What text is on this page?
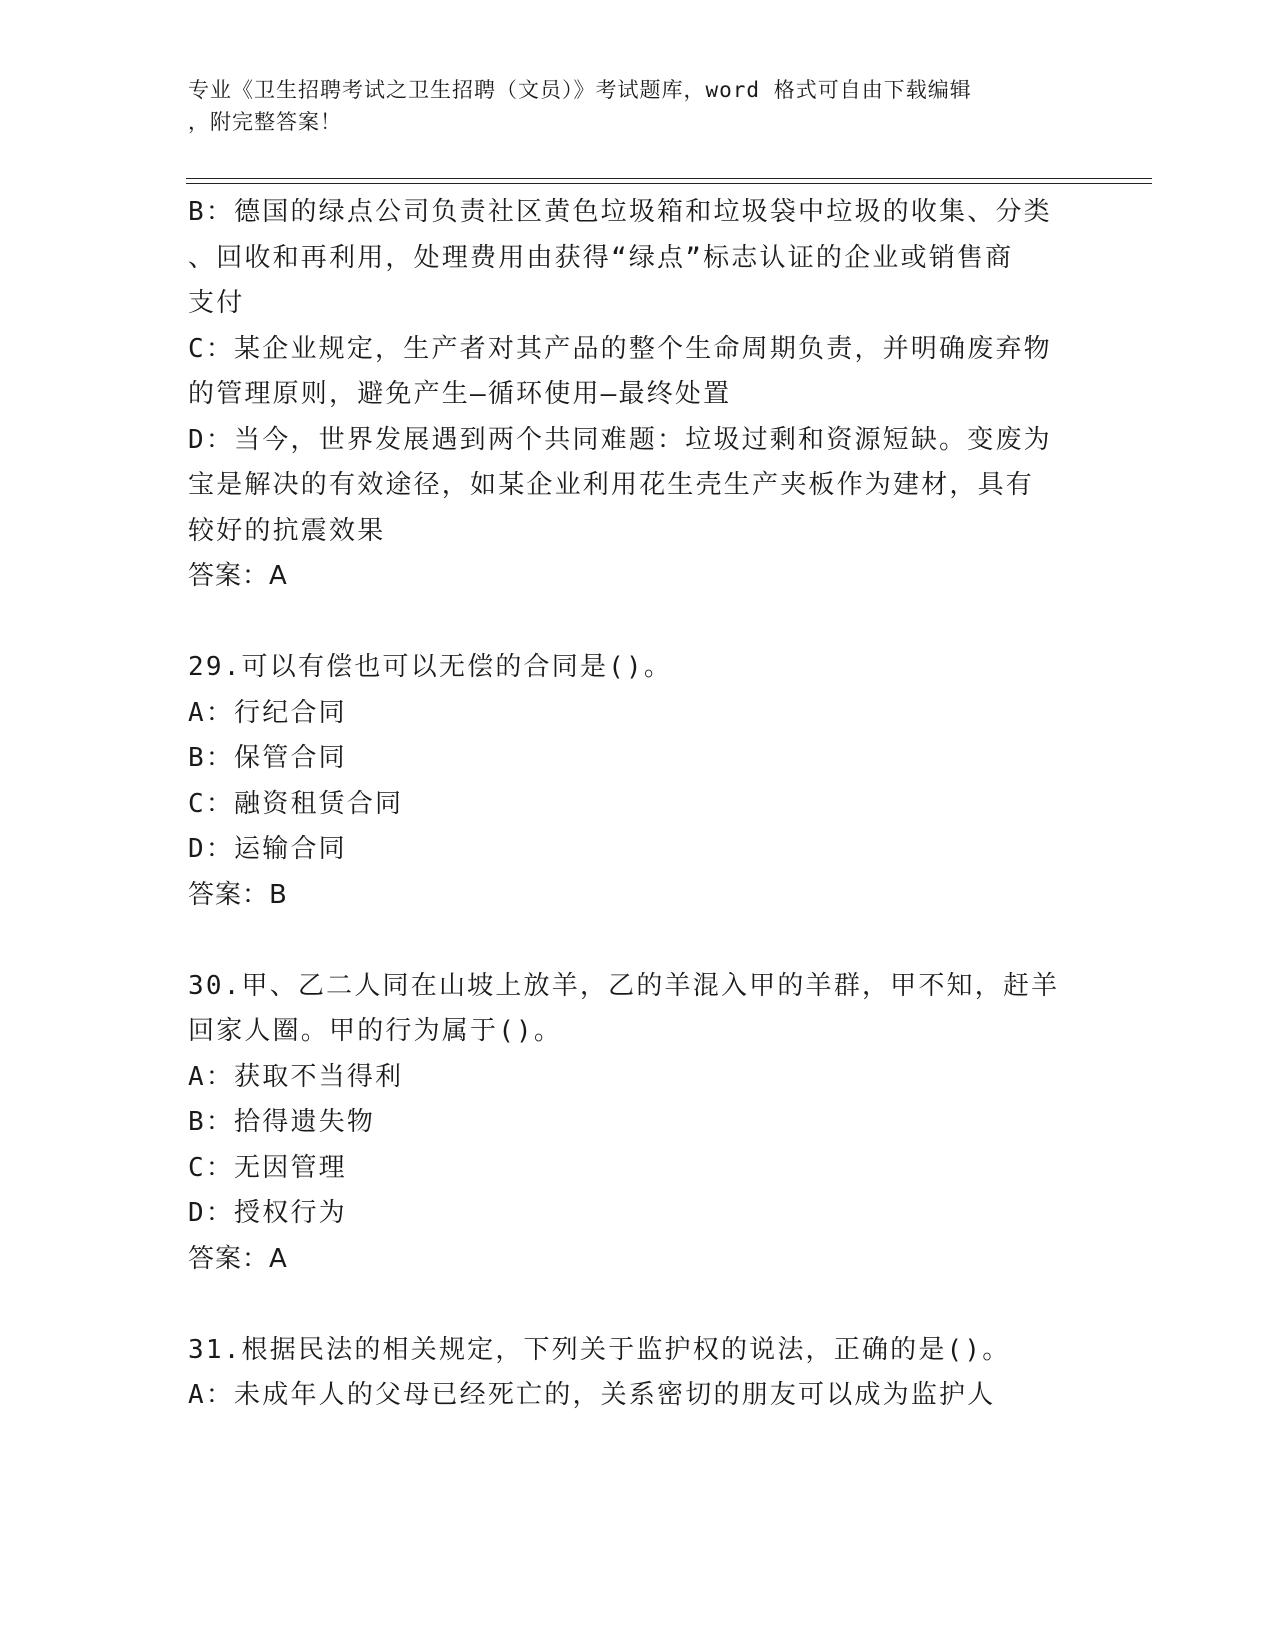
专业《卫生招聘考试之卫生招聘（文员）》考试题库，word 格式可自由下载编辑
，附完整答案！
B：德国的绿点公司负责社区黄色垃圾箱和垃圾袋中垃圾的收集、分类
、回收和再利用，处理费用由获得“绿点”标志认证的企业或销售商
支付
C：某企业规定，生产者对其产品的整个生命周期负责，并明确废弃物
的管理原则，避免产生—循环使用—最终处置
D：当今，世界发展遇到两个共同难题：垃圾过剩和资源短缺。变废为
宝是解决的有效途径，如某企业利用花生壳生产夹板作为建材，具有
较好的抗震效果
答案：A
29.可以有偿也可以无偿的合同是()。
A：行纪合同
B：保管合同
C：融资租赁合同
D：运输合同
答案：B
30.甲、乙二人同在山坡上放羊，乙的羊混入甲的羊群，甲不知，赶羊
回家人圈。甲的行为属于()。
A：获取不当得利
B：拾得遗失物
C：无因管理
D：授权行为
答案：A
31.根据民法的相关规定，下列关于监护权的说法，正确的是()。
A：未成年人的父母已经死亡的，关系密切的朋友可以成为监护人
